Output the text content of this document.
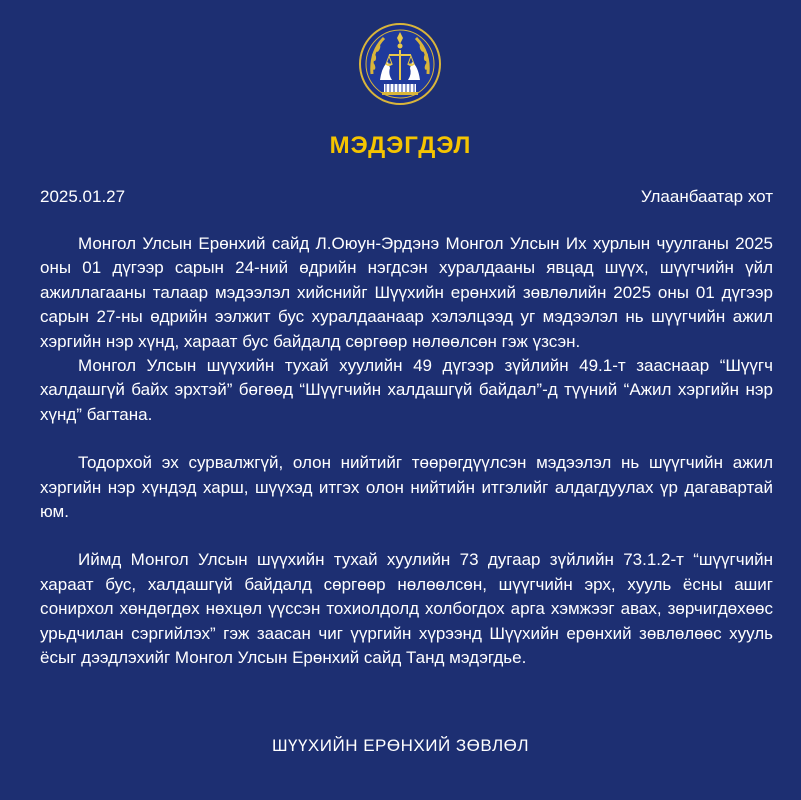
МЭДЭГДЭЛ
2025.01.27	Улаанбаатар хот

Монгол Улсын Ерөнхий сайд Л.Оюун-Эрдэнэ Монгол Улсын Их хурлын чуулганы 2025 оны 01 дүгээр сарын 24-ний өдрийн нэгдсэн хуралдааны явцад шүүх, шүүгчийн үйл ажиллагааны талаар мэдээлэл хийснийг Шүүхийн ерөнхий зөвлөлийн 2025 оны 01 дүгээр сарын 27-ны өдрийн ээлжит бус хуралдаанаар хэлэлцээд уг мэдээлэл нь шүүгчийн ажил хэргийн нэр хүнд, хараат бус байдалд сөргөөр нөлөөлсөн гэж үзсэн.

Монгол Улсын шүүхийн тухай хуулийн 49 дүгээр зүйлийн 49.1-т зааснаар “Шүүгч халдашгүй байх эрхтэй” бөгөөд “Шүүгчийн халдашгүй байдал”-д түүний “Ажил хэргийн нэр хүнд” багтана.

Тодорхой эх сурвалжгүй, олон нийтийг төөрөгдүүлсэн мэдээлэл нь шүүгчийн ажил хэргийн нэр хүндэд харш, шүүхэд итгэх олон нийтийн итгэлийг алдагдуулах үр дагавартай юм.

Иймд Монгол Улсын шүүхийн тухай хуулийн 73 дугаар зүйлийн 73.1.2-т “шүүгчийн хараат бус, халдашгүй байдалд сөргөөр нөлөөлсөн, шүүгчийн эрх, хууль ёсны ашиг сонирхол хөндөгдөх нөхцөл үүссэн тохиолдолд холбогдох арга хэмжээг авах, зөрчигдөхөөс урьдчилан сэргийлэх” гэж заасан чиг үүргийн хүрээнд Шүүхийн ерөнхий зөвлөлөөс хууль ёсыг дээдлэхийг Монгол Улсын Ерөнхий сайд Танд мэдэгдье.

ШҮҮХИЙН ЕРӨНХИЙ ЗӨВЛӨЛ
